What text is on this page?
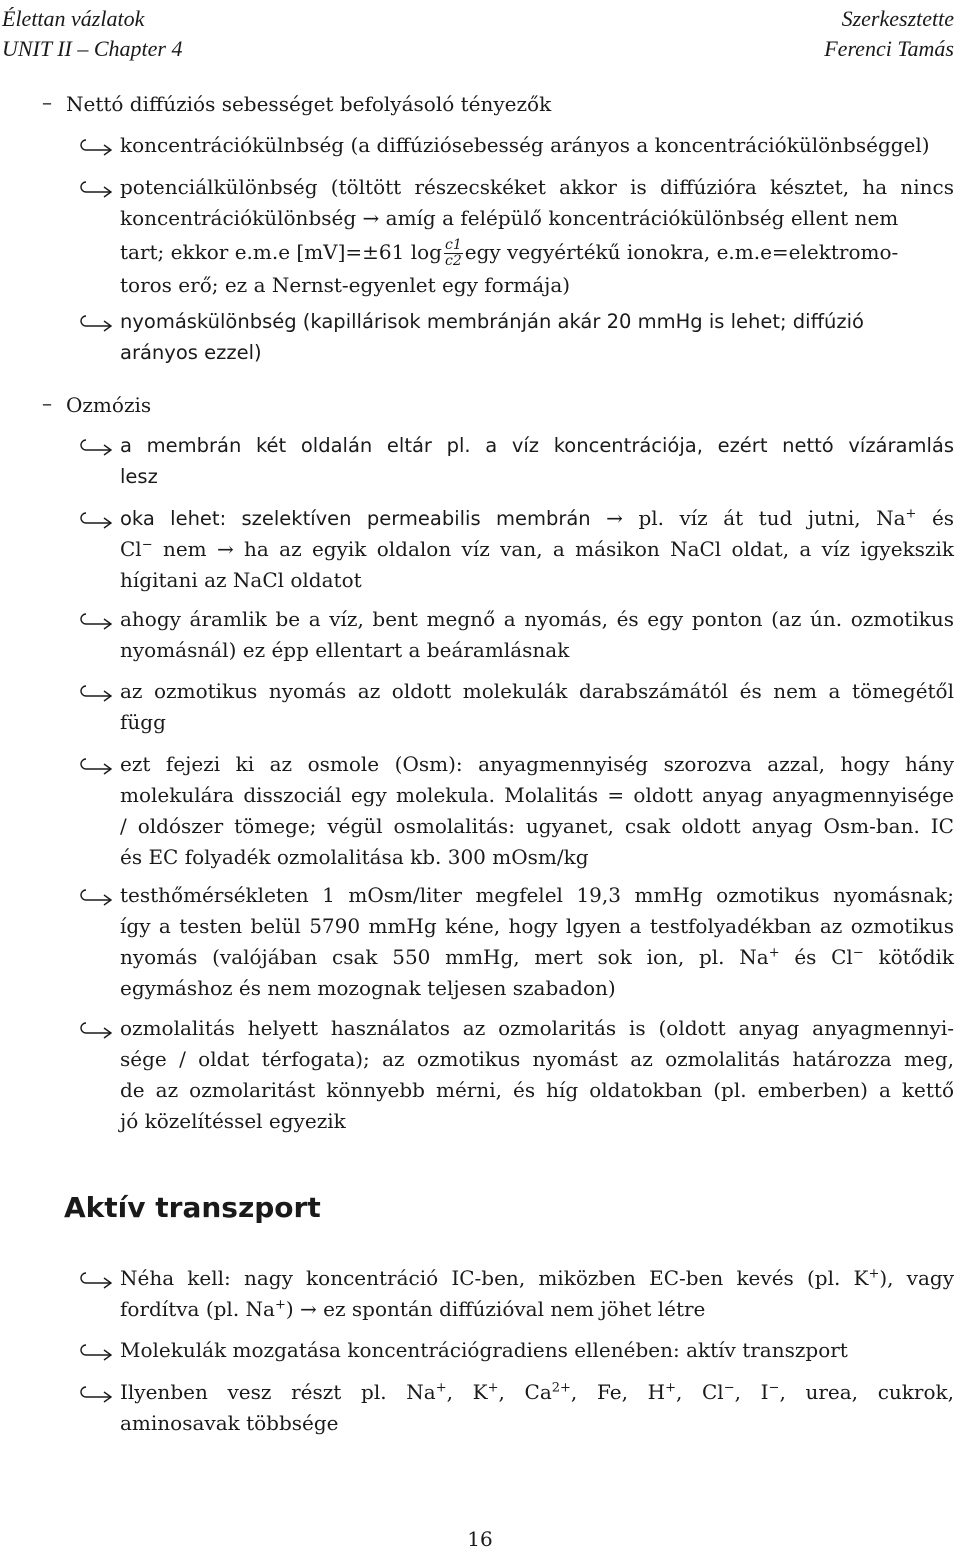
Élettan vázlatok
UNIT II – Chapter 4
Szerkesztette
Ferenci Tamás
– Nettó diffúziós sebességet befolyásoló tényezők
koncentrációkülnbség (a diffúziósebesség arányos a koncentrációkülönbséggel)
potenciálkülönbség (töltött részecskéket akkor is diffúzióra késztet, ha nincs
koncentrációkülönbség → amíg a felépülő koncentrációkülönbség ellent nem
tart; ekkor e.m.e [mV]=±61 $\log \frac{c1}{c2}$ egy vegyértékű ionokra, e.m.e=elektromo-
toros erő; ez a Nernst-egyenlet egy formája)
nyomáskülönbség (kapillárisok membránján akár 20 mmHg is lehet; diffúzió
arányos ezzel)
– Ozmózis
a membrán két oldalán eltár pl. a víz koncentrációja, ezért nettó vízáramlás
lesz
oka lehet: szelektíven permeabilis membrán → pl. víz át tud jutni, Na+ és
Cl− nem → ha az egyik oldalon víz van, a másikon NaCl oldat, a víz igyekszik
hígitani az NaCl oldatot
ahogy áramlik be a víz, bent megnő a nyomás, és egy ponton (az ún. ozmotikus
nyomásnál) ez épp ellentart a beáramlásnak
az ozmotikus nyomás az oldott molekulák darabszámától és nem a tömegétől
függ
ezt fejezi ki az osmole (Osm): anyagmennyiség szorozva azzal, hogy hány
molekulára disszociál egy molekula. Molalitás = oldott anyag anyagmennyisége
/ oldószer tömege; végül osmolalitás: ugyanet, csak oldott anyag Osm-ban. IC
és EC folyadék ozmolalitása kb. 300 mOsm/kg
testhőmérsékleten 1 mOsm/liter megfelel 19,3 mmHg ozmotikus nyomásnak;
így a testen belül 5790 mmHg kéne, hogy lgyen a testfolyadékban az ozmotikus
nyomás (valójában csak 550 mmHg, mert sok ion, pl. Na+ és Cl− kötődik
egymáshoz és nem mozognak teljesen szabadon)
ozmolalitás helyett használatos az ozmolaritás is (oldott anyag anyagmennyi-
sége / oldat térfogata); az ozmotikus nyomást az ozmolalitás határozza meg,
de az ozmolaritást könnyebb mérni, és híg oldatokban (pl. emberben) a kettő
jó közelítéssel egyezik
Aktív transzport
Néha kell: nagy koncentráció IC-ben, miközben EC-ben kevés (pl. K+), vagy
fordítva (pl. Na+) → ez spontán diffúzióval nem jöhet létre
Molekulák mozgatása koncentrációgradiens ellenében: aktív transzport
Ilyenben vesz részt pl. Na+, K+, $Ca^{2+}$, Fe, H+, Cl−, I−, urea, cukrok,
aminosavak többsége
16
